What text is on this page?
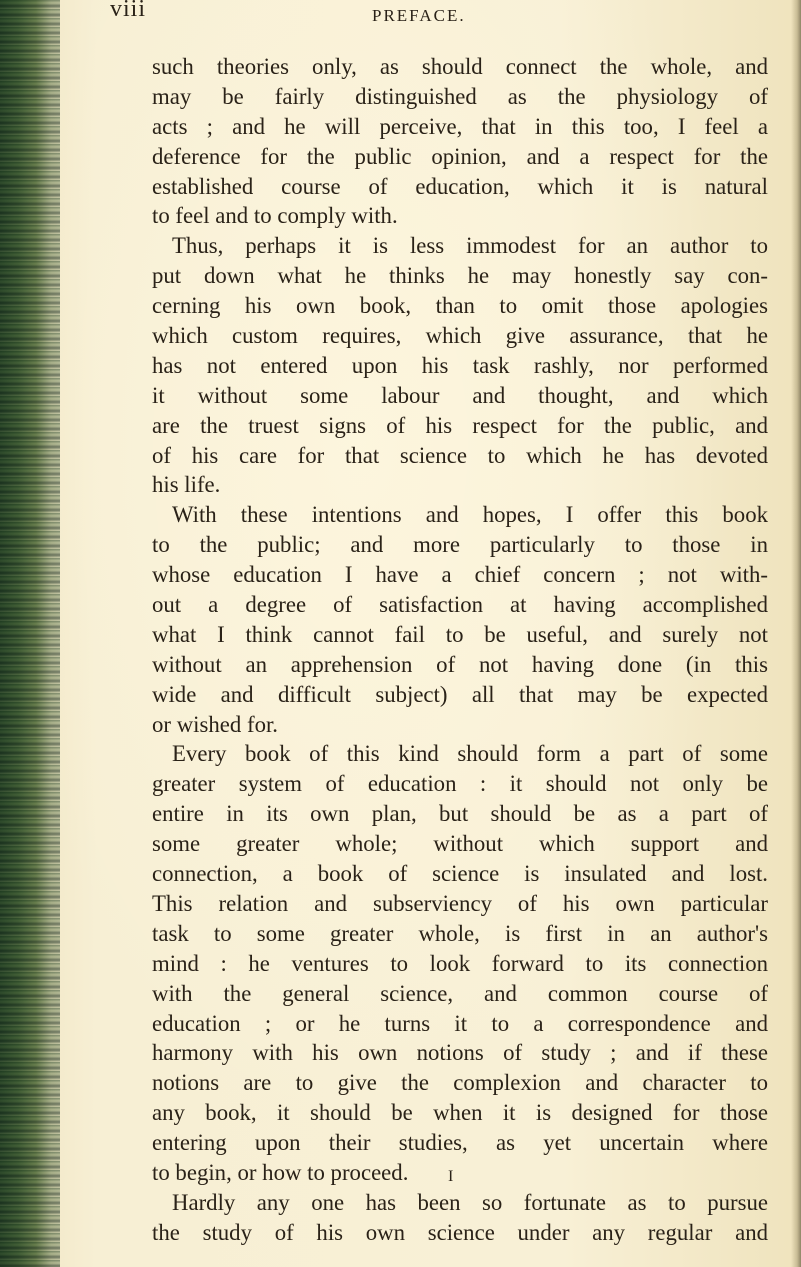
viii	PREFACE.
such theories only, as should connect the whole, and
may be fairly distinguished as the physiology of
acts ; and he will perceive, that in this too, I feel a
deference for the public opinion, and a respect for the
established course of education, which it is natural
to feel and to comply with.
Thus, perhaps it is less immodest for an author to
put down what he thinks he may honestly say con-
cerning his own book, than to omit those apologies
which custom requires, which give assurance, that he
has not entered upon his task rashly, nor performed
it without some labour and thought, and which
are the truest signs of his respect for the public, and
of his care for that science to which he has devoted
his life.
With these intentions and hopes, I offer this book
to the public; and more particularly to those in
whose education I have a chief concern ; not with-
out a degree of satisfaction at having accomplished
what I think cannot fail to be useful, and surely not
without an apprehension of not having done (in this
wide and difficult subject) all that may be expected
or wished for.
Every book of this kind should form a part of some
greater system of education : it should not only be
entire in its own plan, but should be as a part of
some greater whole; without which support and
connection, a book of science is insulated and lost.
This relation and subserviency of his own particular
task to some greater whole, is first in an author's
mind : he ventures to look forward to its connection
with the general science, and common course of
education ; or he turns it to a correspondence and
harmony with his own notions of study ; and if these
notions are to give the complexion and character to
any book, it should be when it is designed for those
entering upon their studies, as yet uncertain where
to begin, or how to proceed.
Hardly any one has been so fortunate as to pursue
the study of his own science under any regular and
I
